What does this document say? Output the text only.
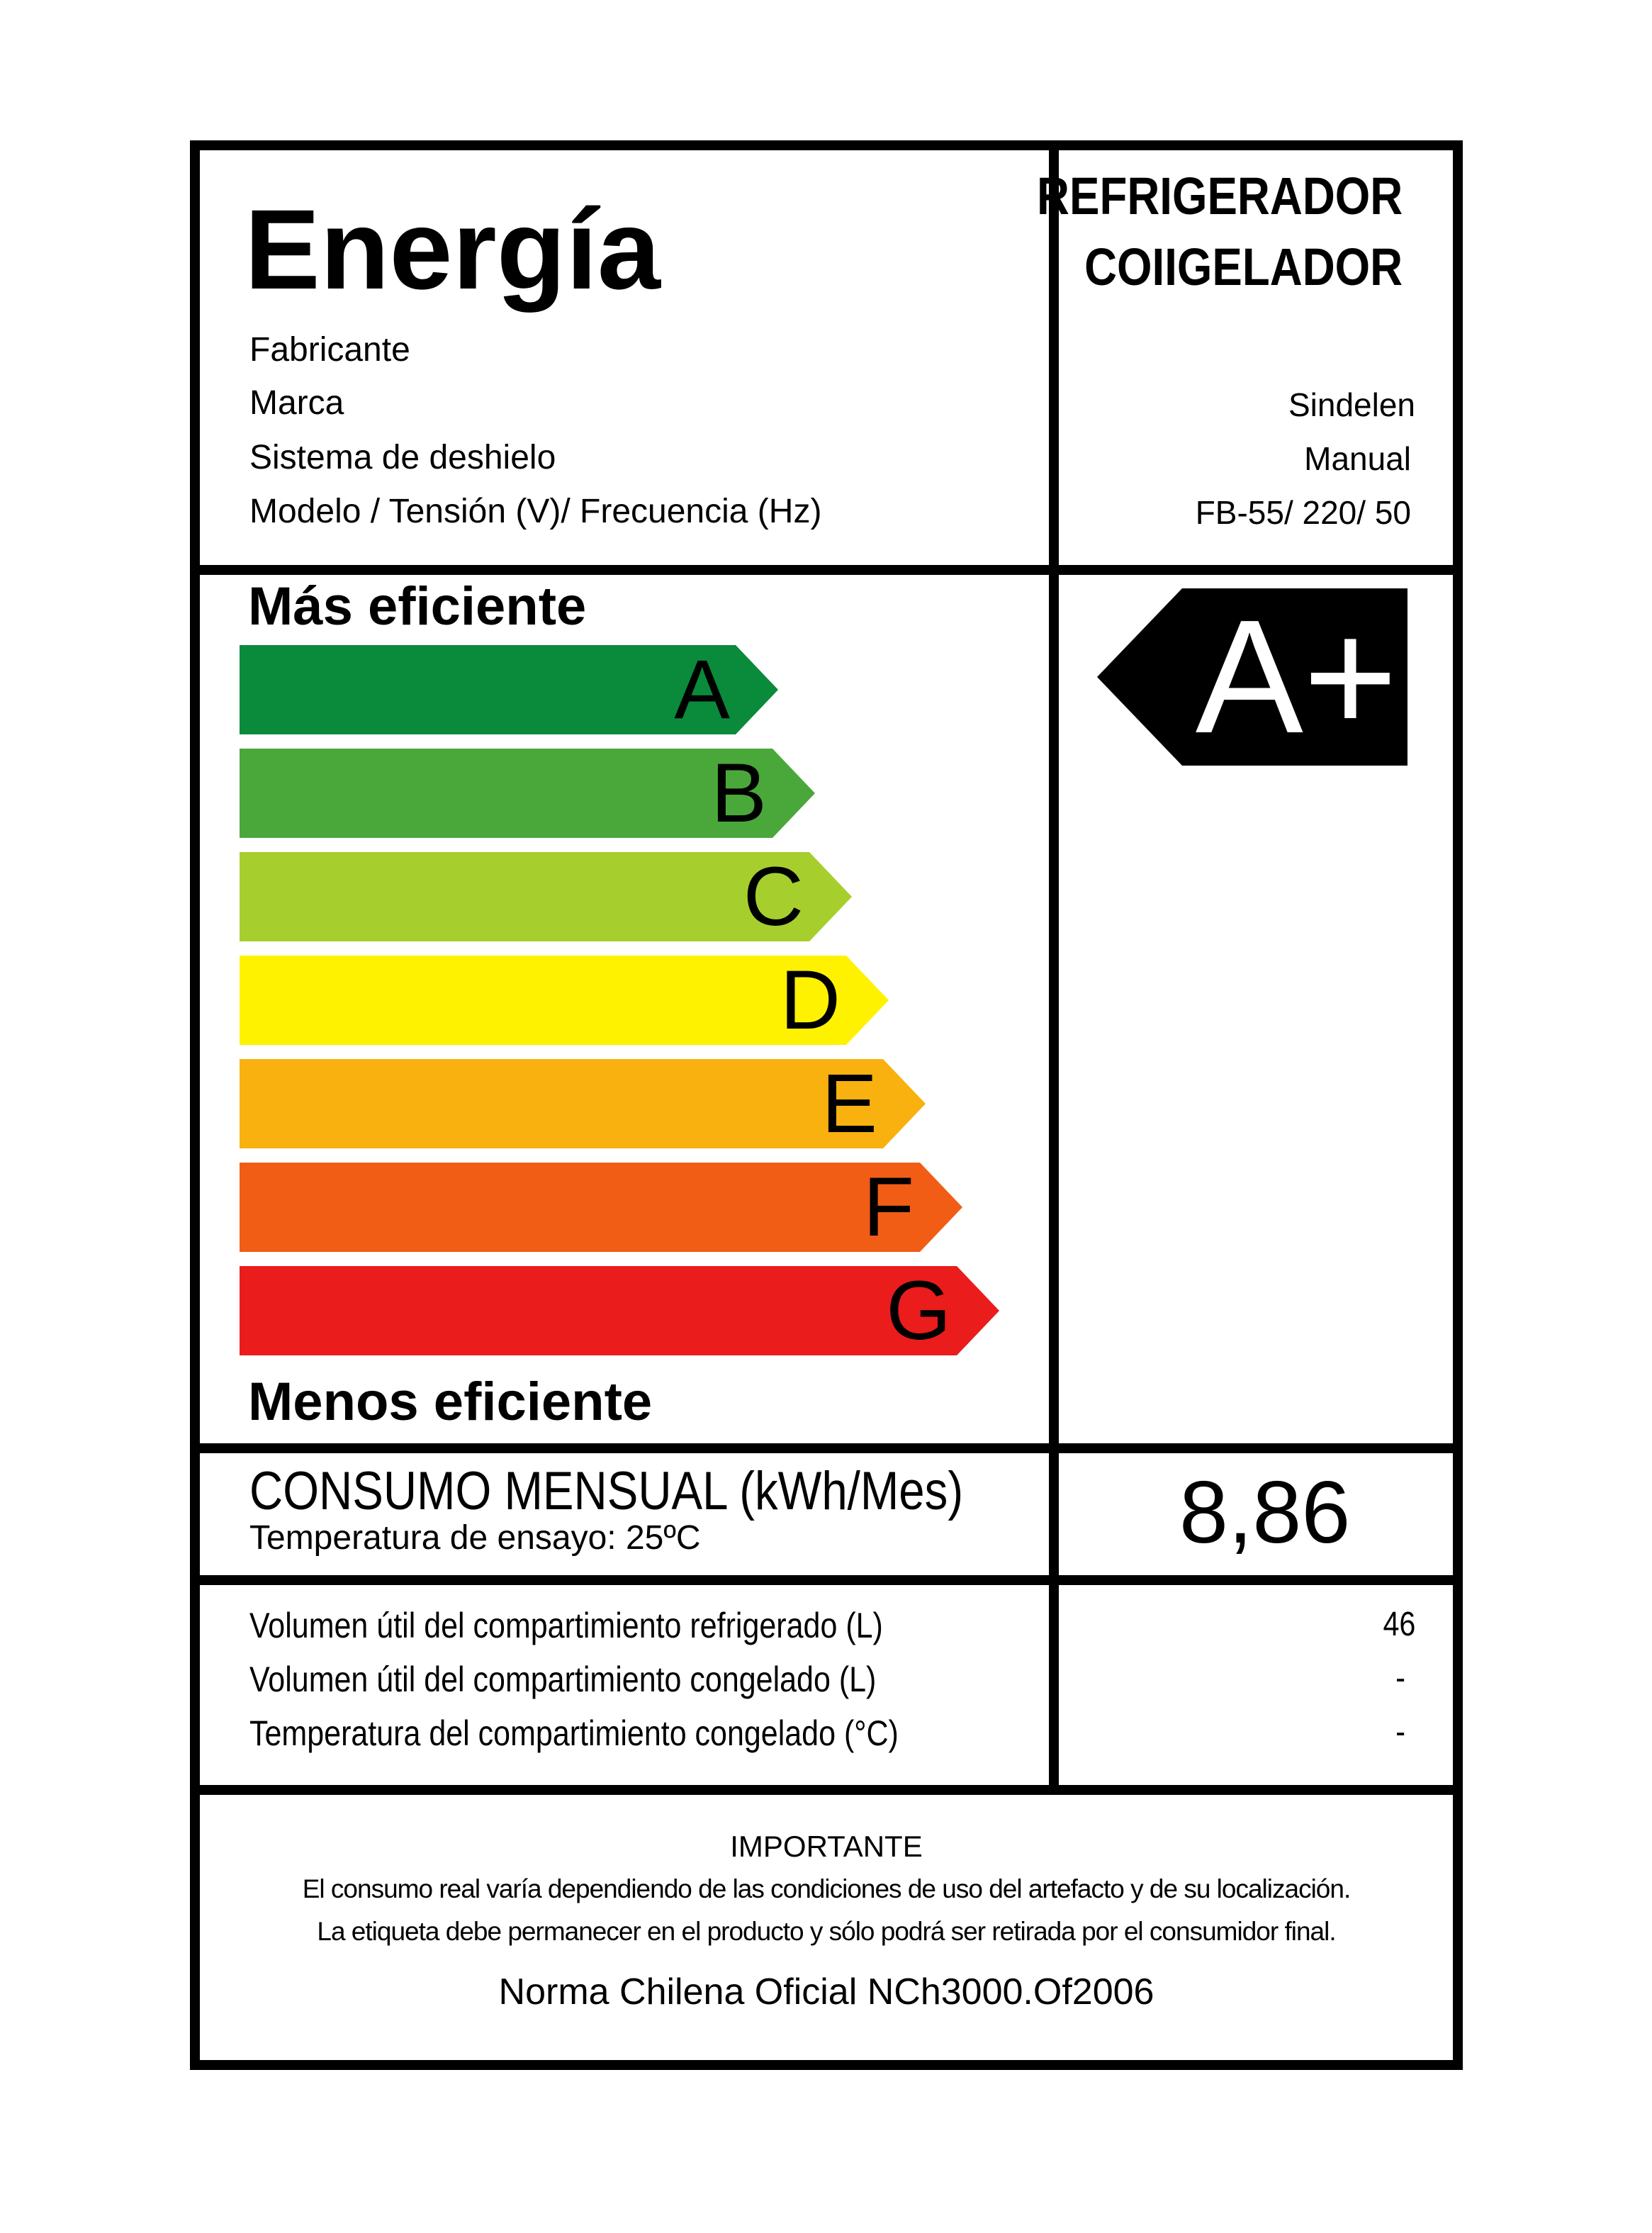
Energía	REFRIGERADOR
COIIGELADOR
Fabricante
Marca
Sistema de deshielo
Modelo / Tensión (V)/ Frecuencia (Hz)
Sindelen
Manual
FB-55/ 220/ 50
Más eficiente
A
B
C
D
E
F
G
Menos eficiente
A+
CONSUMO MENSUAL (kWh/Mes)
Temperatura de ensayo: 25ºC	8,86
Volumen útil del compartimiento refrigerado (L)
Volumen útil del compartimiento congelado (L)
Temperatura del compartimiento congelado (°C)
46
-
-
IMPORTANTE
El consumo real varía dependiendo de las condiciones de uso del artefacto y de su localización.
La etiqueta debe permanecer en el producto y sólo podrá ser retirada por el consumidor final.
Norma Chilena Oficial NCh3000.Of2006
